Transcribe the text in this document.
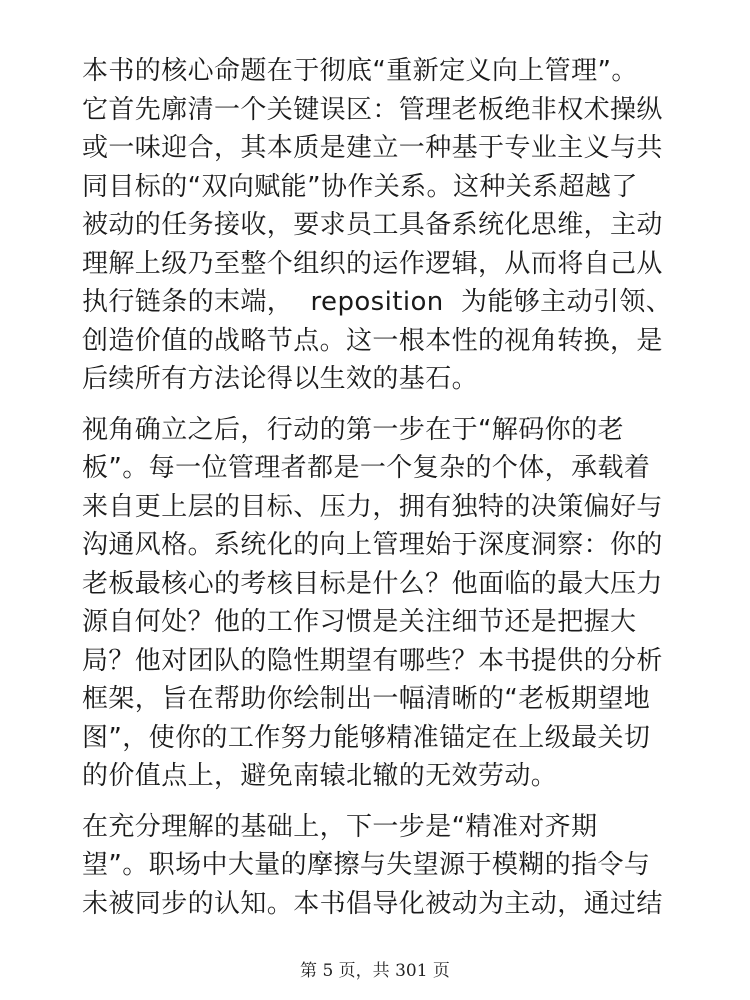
本书的核心命题在于彻底“重新定义向上管理”。
它首先廓清一个关键误区：管理老板绝非权术操纵
或一味迎合，其本质是建立一种基于专业主义与共
同目标的“双向赋能”协作关系。这种关系超越了
被动的任务接收，要求员工具备系统化思维，主动
理解上级乃至整个组织的运作逻辑，从而将自己从
执行链条的末端，  reposition  为能够主动引领、
创造价值的战略节点。这一根本性的视角转换，是
后续所有方法论得以生效的基石。
视角确立之后，行动的第一步在于“解码你的老
板”。每一位管理者都是一个复杂的个体，承载着
来自更上层的目标、压力，拥有独特的决策偏好与
沟通风格。系统化的向上管理始于深度洞察：你的
老板最核心的考核目标是什么？他面临的最大压力
源自何处？他的工作习惯是关注细节还是把握大
局？他对团队的隐性期望有哪些？本书提供的分析
框架，旨在帮助你绘制出一幅清晰的“老板期望地
图”，使你的工作努力能够精准锚定在上级最关切
的价值点上，避免南辕北辙的无效劳动。
在充分理解的基础上，下一步是“精准对齐期
望”。职场中大量的摩擦与失望源于模糊的指令与
未被同步的认知。本书倡导化被动为主动，通过结
第 5 页，共 301 页
